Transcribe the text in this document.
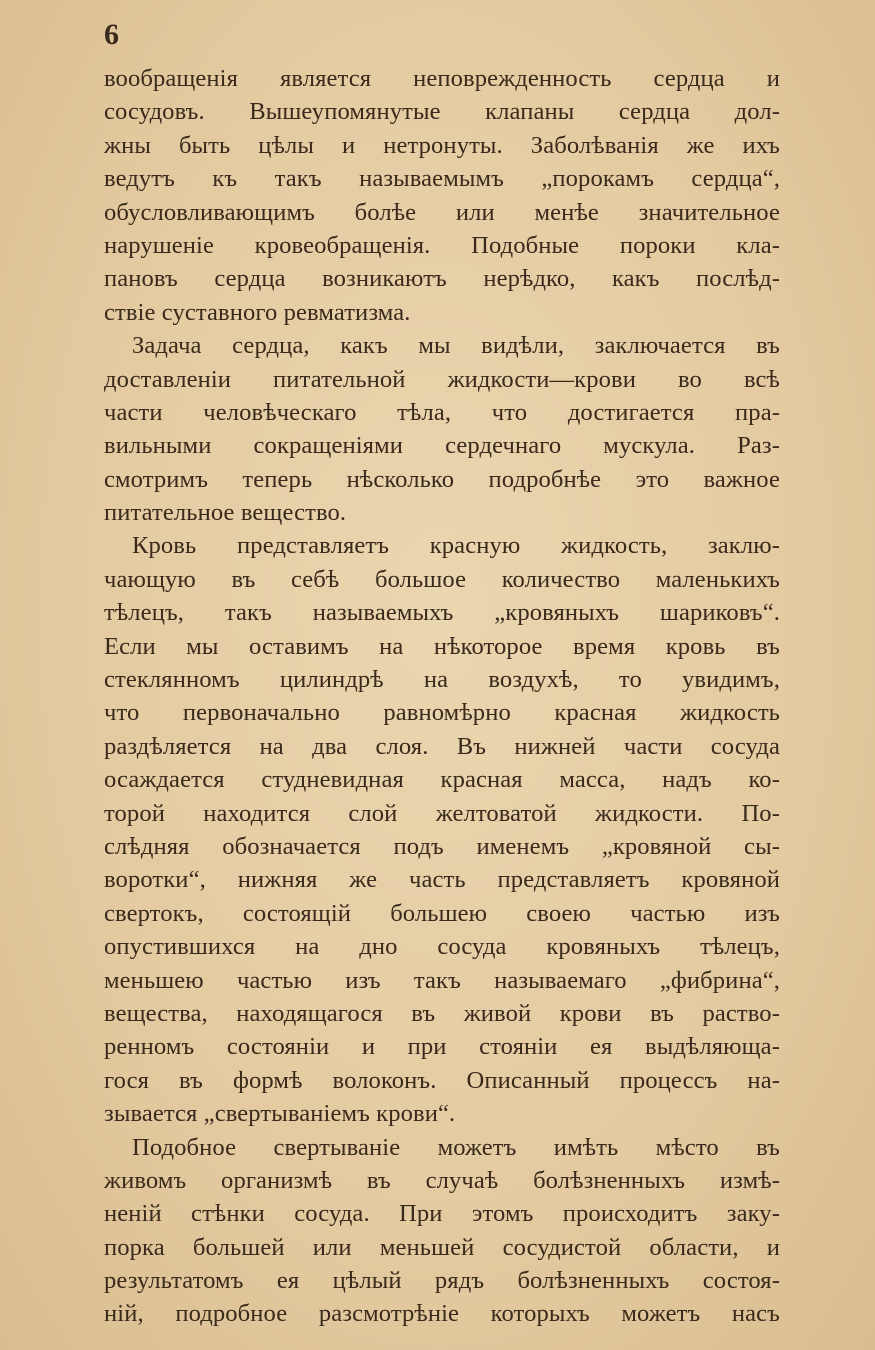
6
вообращенія является неповрежденность сердца и
сосудовъ. Вышеупомянутые клапаны сердца дол-
жны быть цѣлы и нетронуты. Заболѣванія же ихъ
ведутъ къ такъ называемымъ „порокамъ сердца“,
обусловливающимъ болѣе или менѣе значительное
нарушеніе кровеобращенія. Подобные пороки кла-
пановъ сердца возникаютъ нерѣдко, какъ послѣд-
ствіе суставного ревматизма.
Задача сердца, какъ мы видѣли, заключается въ
доставленіи питательной жидкости—крови во всѣ
части человѣческаго тѣла, что достигается пра-
вильными сокращеніями сердечнаго мускула. Раз-
смотримъ теперь нѣсколько подробнѣе это важное
питательное вещество.
Кровь представляетъ красную жидкость, заклю-
чающую въ себѣ большое количество маленькихъ
тѣлецъ, такъ называемыхъ „кровяныхъ шариковъ“.
Если мы оставимъ на нѣкоторое время кровь въ
стеклянномъ цилиндрѣ на воздухѣ, то увидимъ,
что первоначально равномѣрно красная жидкость
раздѣляется на два слоя. Въ нижней части сосуда
осаждается студневидная красная масса, надъ ко-
торой находится слой желтоватой жидкости. По-
слѣдняя обозначается подъ именемъ „кровяной сы-
воротки“, нижняя же часть представляетъ кровяной
свертокъ, состоящій большею своею частью изъ
опустившихся на дно сосуда кровяныхъ тѣлецъ,
меньшею частью изъ такъ называемаго „фибрина“,
вещества, находящагося въ живой крови въ раство-
ренномъ состояніи и при стояніи ея выдѣляюща-
гося въ формѣ волоконъ. Описанный процессъ на-
зывается „свертываніемъ крови“.
Подобное свертываніе можетъ имѣть мѣсто въ
живомъ организмѣ въ случаѣ болѣзненныхъ измѣ-
неній стѣнки сосуда. При этомъ происходитъ заку-
порка большей или меньшей сосудистой области, и
результатомъ ея цѣлый рядъ болѣзненныхъ состоя-
ній, подробное разсмотрѣніе которыхъ можетъ насъ
